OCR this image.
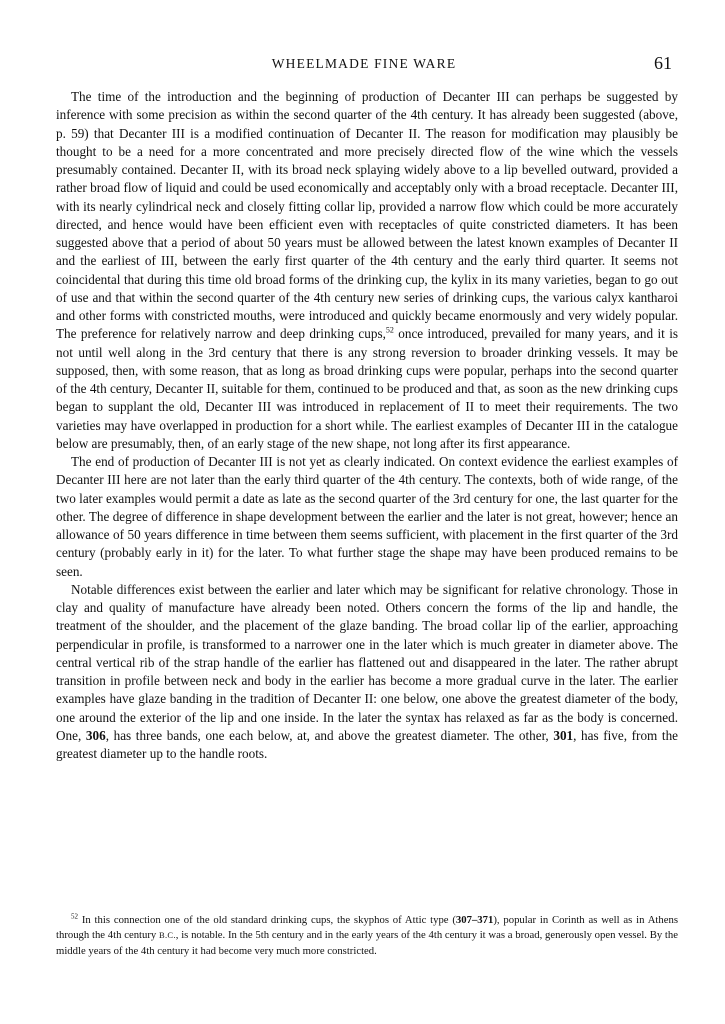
WHEELMADE FINE WARE	61

The time of the introduction and the beginning of production of Decanter III can perhaps be suggested by inference with some precision as within the second quarter of the 4th century. It has already been suggested (above, p. 59) that Decanter III is a modified continuation of Decanter II. The reason for modification may plausibly be thought to be a need for a more concentrated and more precisely directed flow of the wine which the vessels presumably contained. Decanter II, with its broad neck splaying widely above to a lip bevelled outward, provided a rather broad flow of liquid and could be used economically and acceptably only with a broad receptacle. Decanter III, with its nearly cylindrical neck and closely fitting collar lip, provided a narrow flow which could be more accurately directed, and hence would have been efficient even with receptacles of quite constricted diameters. It has been suggested above that a period of about 50 years must be allowed between the latest known examples of Decanter II and the earliest of III, between the early first quarter of the 4th century and the early third quarter. It seems not coincidental that during this time old broad forms of the drinking cup, the kylix in its many varieties, began to go out of use and that within the second quarter of the 4th century new series of drinking cups, the various calyx kantharoi and other forms with constricted mouths, were introduced and quickly became enormously and very widely popular. The preference for relatively narrow and deep drinking cups,$^{52}$ once introduced, prevailed for many years, and it is not until well along in the 3rd century that there is any strong reversion to broader drinking vessels. It may be supposed, then, with some reason, that as long as broad drinking cups were popular, perhaps into the second quarter of the 4th century, Decanter II, suitable for them, continued to be produced and that, as soon as the new drinking cups began to supplant the old, Decanter III was introduced in replacement of II to meet their requirements. The two varieties may have overlapped in production for a short while. The earliest examples of Decanter III in the catalogue below are presumably, then, of an early stage of the new shape, not long after its first appearance.

The end of production of Decanter III is not yet as clearly indicated. On context evidence the earliest examples of Decanter III here are not later than the early third quarter of the 4th century. The contexts, both of wide range, of the two later examples would permit a date as late as the second quarter of the 3rd century for one, the last quarter for the other. The degree of difference in shape development between the earlier and the later is not great, however; hence an allowance of 50 years difference in time between them seems sufficient, with placement in the first quarter of the 3rd century (probably early in it) for the later. To what further stage the shape may have been produced remains to be seen.

Notable differences exist between the earlier and later which may be significant for relative chronology. Those in clay and quality of manufacture have already been noted. Others concern the forms of the lip and handle, the treatment of the shoulder, and the placement of the glaze banding. The broad collar lip of the earlier, approaching perpendicular in profile, is transformed to a narrower one in the later which is much greater in diameter above. The central vertical rib of the strap handle of the earlier has flattened out and disappeared in the later. The rather abrupt transition in profile between neck and body in the earlier has become a more gradual curve in the later. The earlier examples have glaze banding in the tradition of Decanter II: one below, one above the greatest diameter of the body, one around the exterior of the lip and one inside. In the later the syntax has relaxed as far as the body is concerned. One, 306, has three bands, one each below, at, and above the greatest diameter. The other, 301, has five, from the greatest diameter up to the handle roots.

$^{52}$ In this connection one of the old standard drinking cups, the skyphos of Attic type (307–371), popular in Corinth as well as in Athens through the 4th century B.C., is notable. In the 5th century and in the early years of the 4th century it was a broad, generously open vessel. By the middle years of the 4th century it had become very much more constricted.
